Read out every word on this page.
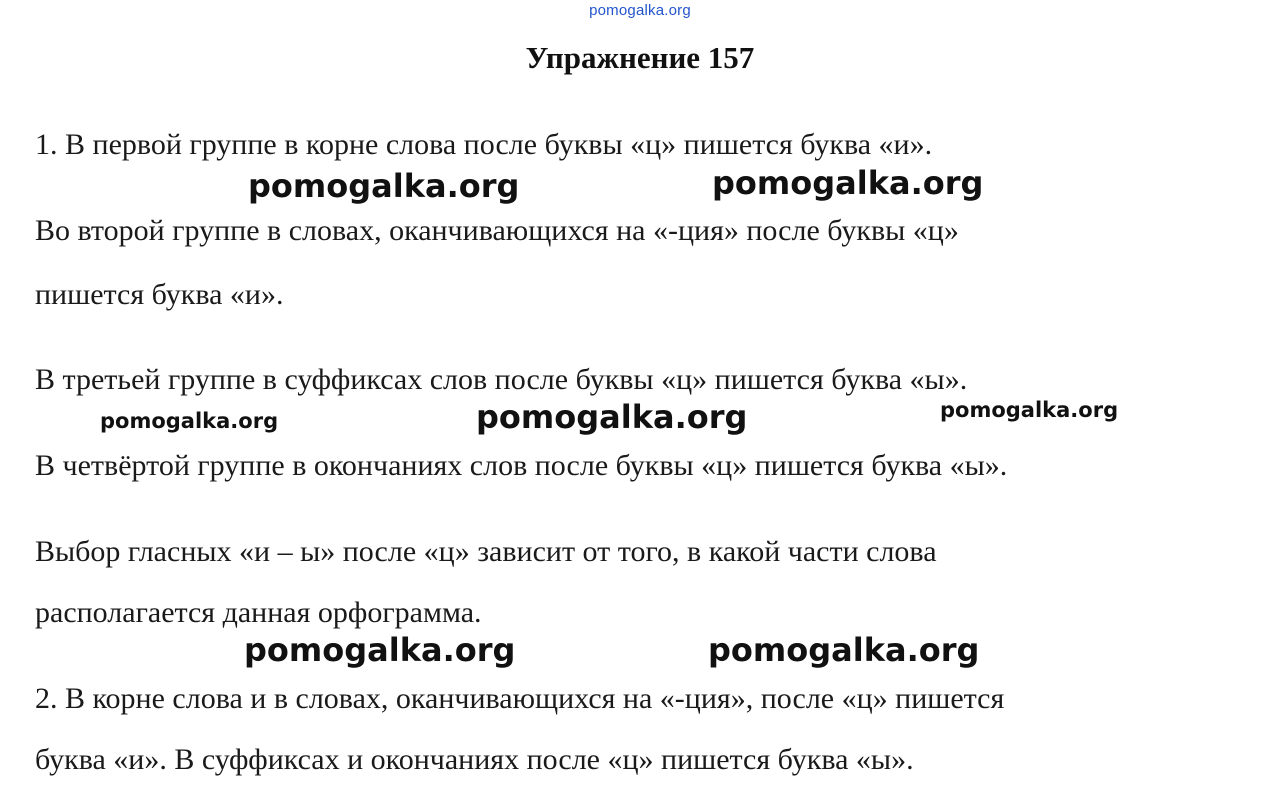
pomogalka.org
Упражнение 157
1. В первой группе в корне слова после буквы «ц» пишется буква «и».
Во второй группе в словах, оканчивающихся на «-ция» после буквы «ц»
пишется буква «и».
В третьей группе в суффиксах слов после буквы «ц» пишется буква «ы».
В четвёртой группе в окончаниях слов после буквы «ц» пишется буква «ы».
Выбор гласных «и – ы» после «ц» зависит от того, в какой части слова
располагается данная орфограмма.
2. В корне слова и в словах, оканчивающихся на «-ция», после «ц» пишется
буква «и». В суффиксах и окончаниях после «ц» пишется буква «ы».
pomogalka.org	pomogalka.org
pomogalka.org	pomogalka.org	pomogalka.org
pomogalka.org	pomogalka.org
